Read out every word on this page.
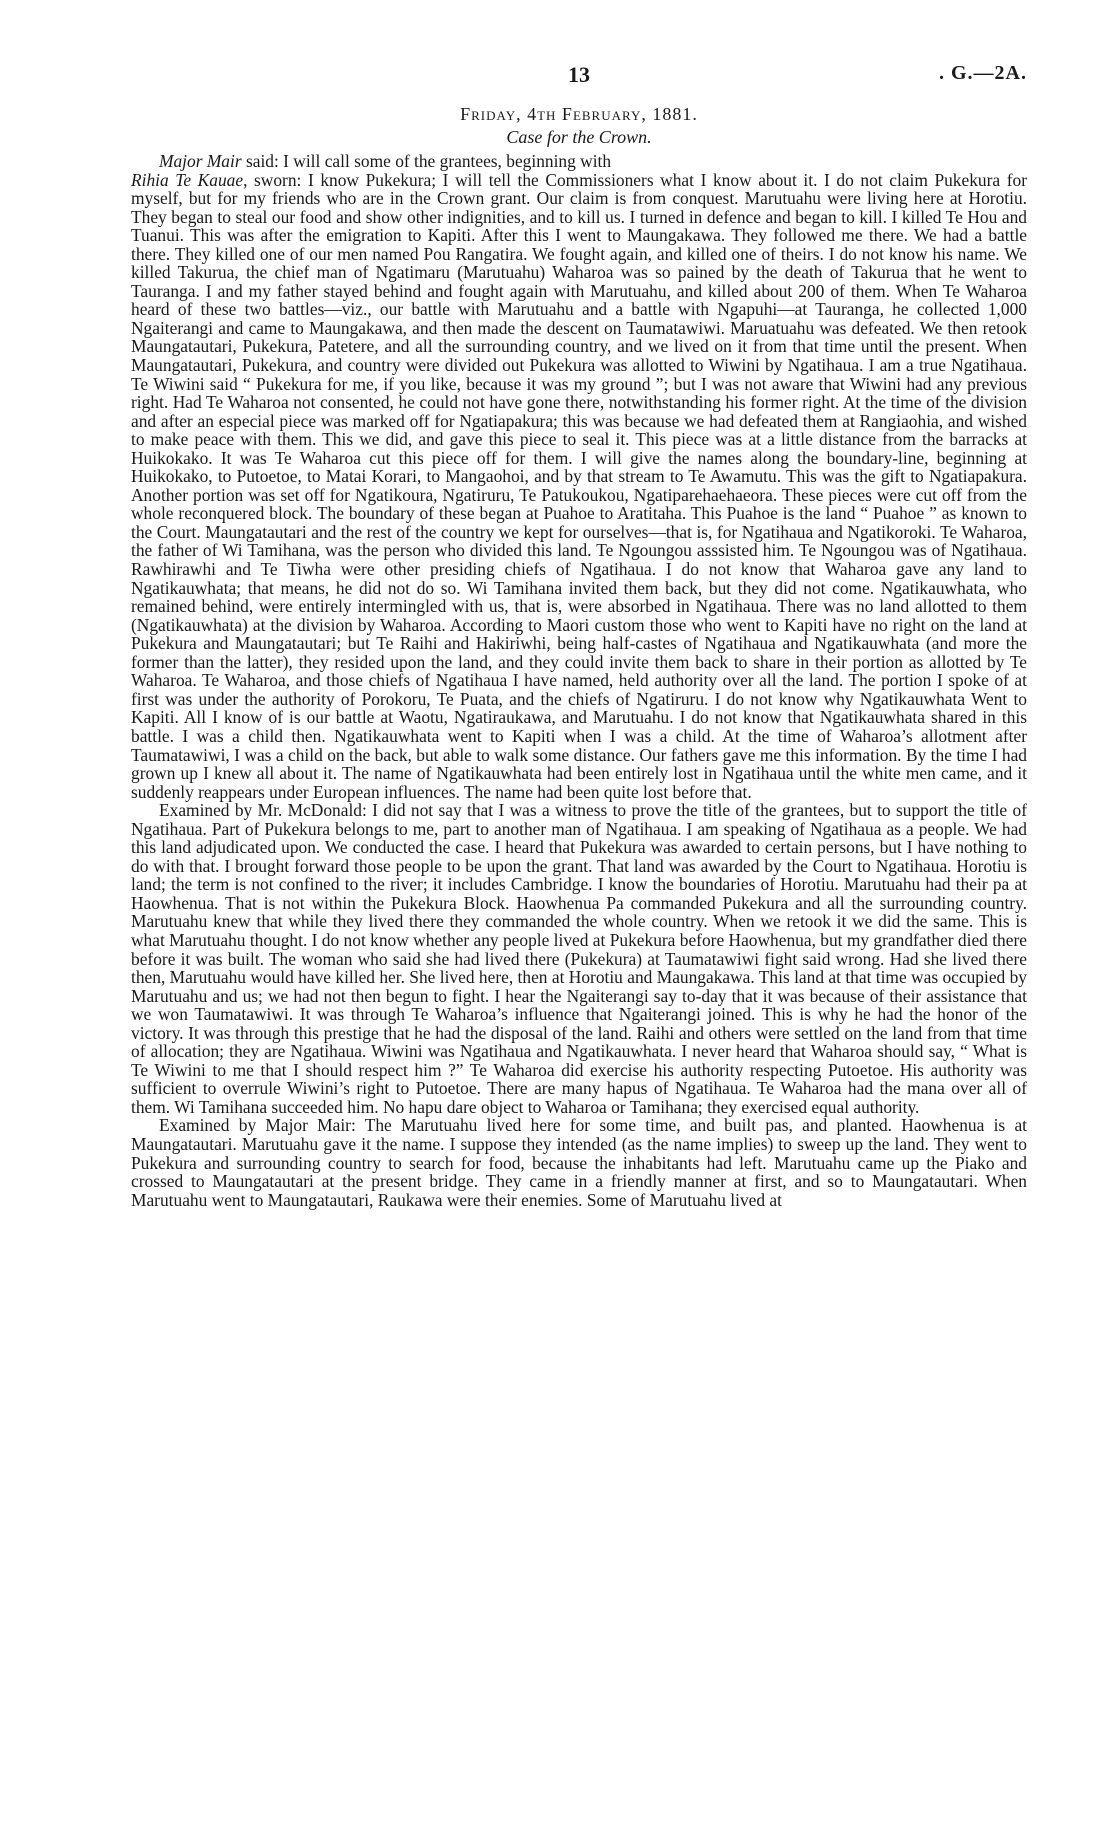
13	. G.—2A.
Friday, 4th February, 1881.
Case for the Crown.

Major Mair said: I will call some of the grantees, beginning with

Rihia Te Kauae, sworn: I know Pukekura; I will tell the Commissioners what I know about it. I do not claim Pukekura for myself, but for my friends who are in the Crown grant. Our claim is from conquest. Marutuahu were living here at Horotiu. They began to steal our food and show other indignities, and to kill us. I turned in defence and began to kill. I killed Te Hou and Tuanui. This was after the emigration to Kapiti. After this I went to Maungakawa. They followed me there. We had a battle there. They killed one of our men named Pou Rangatira. We fought again, and killed one of theirs. I do not know his name. We killed Takurua, the chief man of Ngatimaru (Marutuahu) Waharoa was so pained by the death of Takurua that he went to Tauranga. I and my father stayed behind and fought again with Marutuahu, and killed about 200 of them. When Te Waharoa heard of these two battles—viz., our battle with Marutuahu and a battle with Ngapuhi—at Tauranga, he collected 1,000 Ngaiterangi and came to Maungakawa, and then made the descent on Taumatawiwi. Maruatuahu was defeated. We then retook Maungatautari, Pukekura, Patetere, and all the surrounding country, and we lived on it from that time until the present. When Maungatautari, Pukekura, and country were divided out Pukekura was allotted to Wiwini by Ngatihaua. I am a true Ngatihaua. Te Wiwini said “ Pukekura for me, if you like, because it was my ground ”; but I was not aware that Wiwini had any previous right. Had Te Waharoa not consented, he could not have gone there, notwithstanding his former right. At the time of the division and after an especial piece was marked off for Ngatiapakura; this was because we had defeated them at Rangiaohia, and wished to make peace with them. This we did, and gave this piece to seal it. This piece was at a little distance from the barracks at Huikokako. It was Te Waharoa cut this piece off for them. I will give the names along the boundary-line, beginning at Huikokako, to Putoetoe, to Matai Korari, to Mangaohoi, and by that stream to Te Awamutu. This was the gift to Ngatiapakura. Another portion was set off for Ngatikoura, Ngatiruru, Te Patukoukou, Ngatiparehaehaeora. These pieces were cut off from the whole reconquered block. The boundary of these began at Puahoe to Aratitaha. This Puahoe is the land “ Puahoe ” as known to the Court. Maungatautari and the rest of the country we kept for ourselves—that is, for Ngatihaua and Ngatikoroki. Te Waharoa, the father of Wi Tamihana, was the person who divided this land. Te Ngoungou asssisted him. Te Ngoungou was of Ngatihaua. Rawhirawhi and Te Tiwha were other presiding chiefs of Ngatihaua. I do not know that Waharoa gave any land to Ngatikauwhata; that means, he did not do so. Wi Tamihana invited them back, but they did not come. Ngatikauwhata, who remained behind, were entirely intermingled with us, that is, were absorbed in Ngatihaua. There was no land allotted to them (Ngatikauwhata) at the division by Waharoa. According to Maori custom those who went to Kapiti have no right on the land at Pukekura and Maungatautari; but Te Raihi and Hakiriwhi, being half-castes of Ngatihaua and Ngatikauwhata (and more the former than the latter), they resided upon the land, and they could invite them back to share in their portion as allotted by Te Waharoa. Te Waharoa, and those chiefs of Ngatihaua I have named, held authority over all the land. The portion I spoke of at first was under the authority of Porokoru, Te Puata, and the chiefs of Ngatiruru. I do not know why Ngatikauwhata Went to Kapiti. All I know of is our battle at Waotu, Ngatiraukawa, and Marutuahu. I do not know that Ngatikauwhata shared in this battle. I was a child then. Ngatikauwhata went to Kapiti when I was a child. At the time of Waharoa’s allotment after Taumatawiwi, I was a child on the back, but able to walk some distance. Our fathers gave me this information. By the time I had grown up I knew all about it. The name of Ngatikauwhata had been entirely lost in Ngatihaua until the white men came, and it suddenly reappears under European influences. The name had been quite lost before that.

Examined by Mr. McDonald: I did not say that I was a witness to prove the title of the grantees, but to support the title of Ngatihaua. Part of Pukekura belongs to me, part to another man of Ngatihaua. I am speaking of Ngatihaua as a people. We had this land adjudicated upon. We conducted the case. I heard that Pukekura was awarded to certain persons, but I have nothing to do with that. I brought forward those people to be upon the grant. That land was awarded by the Court to Ngatihaua. Horotiu is land; the term is not confined to the river; it includes Cambridge. I know the boundaries of Horotiu. Marutuahu had their pa at Haowhenua. That is not within the Pukekura Block. Haowhenua Pa commanded Pukekura and all the surrounding country. Marutuahu knew that while they lived there they commanded the whole country. When we retook it we did the same. This is what Marutuahu thought. I do not know whether any people lived at Pukekura before Haowhenua, but my grandfather died there before it was built. The woman who said she had lived there (Pukekura) at Taumatawiwi fight said wrong. Had she lived there then, Marutuahu would have killed her. She lived here, then at Horotiu and Maungakawa. This land at that time was occupied by Marutuahu and us; we had not then begun to fight. I hear the Ngaiterangi say to-day that it was because of their assistance that we won Taumatawiwi. It was through Te Waharoa’s influence that Ngaiterangi joined. This is why he had the honor of the victory. It was through this prestige that he had the disposal of the land. Raihi and others were settled on the land from that time of allocation; they are Ngatihaua. Wiwini was Ngatihaua and Ngatikauwhata. I never heard that Waharoa should say, “ What is Te Wiwini to me that I should respect him ?” Te Waharoa did exercise his authority respecting Putoetoe. His authority was sufficient to overrule Wiwini’s right to Putoetoe. There are many hapus of Ngatihaua. Te Waharoa had the mana over all of them. Wi Tamihana succeeded him. No hapu dare object to Waharoa or Tamihana; they exercised equal authority.

Examined by Major Mair: The Marutuahu lived here for some time, and built pas, and planted. Haowhenua is at Maungatautari. Marutuahu gave it the name. I suppose they intended (as the name implies) to sweep up the land. They went to Pukekura and surrounding country to search for food, because the inhabitants had left. Marutuahu came up the Piako and crossed to Maungatautari at the present bridge. They came in a friendly manner at first, and so to Maungatautari. When Marutuahu went to Maungatautari, Raukawa were their enemies. Some of Marutuahu lived at
